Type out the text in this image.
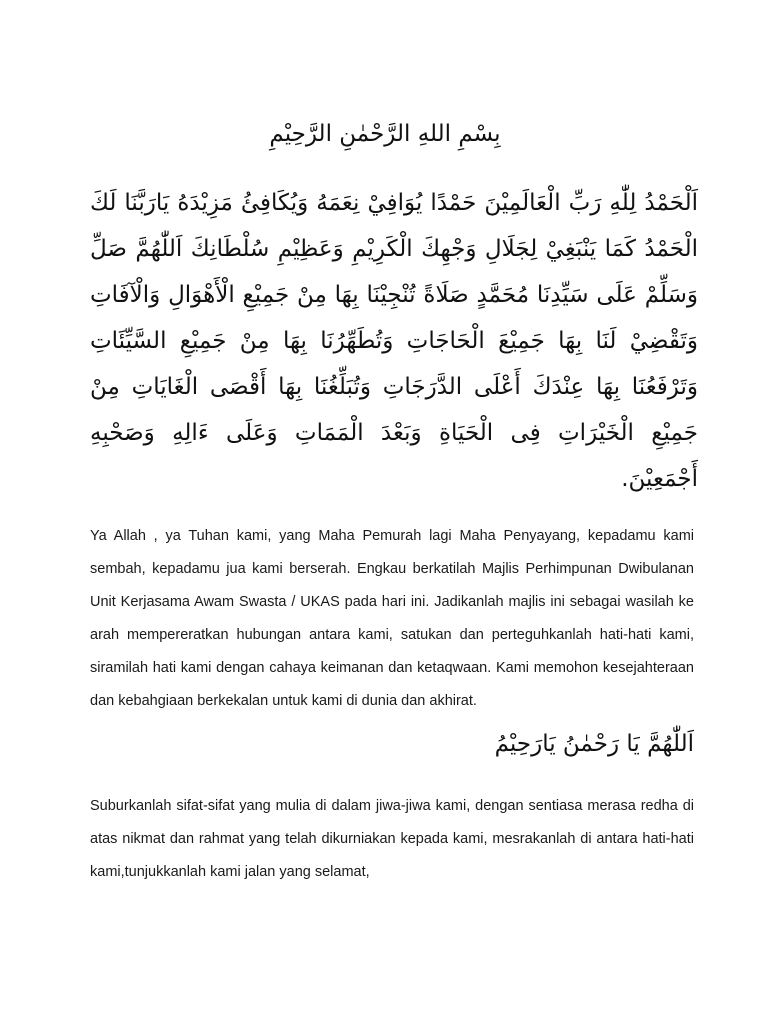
بِسْمِ اللهِ الرَّحْمٰنِ الرَّحِيْمِ
اَلْحَمْدُ لِلّٰهِ رَبِّ الْعَالَمِيْنَ حَمْدًا يُوَافِيْ نِعَمَهُ وَيُكَافِئُ مَزِيْدَهُ يَارَبَّنَا لَكَ الْحَمْدُ كَمَا يَنْبَغِيْ لِجَلَالِ وَجْهِكَ الْكَرِيْمِ وَعَظِيْمِ سُلْطَانِكَ اَللّٰهُمَّ صَلِّ وَسَلِّمْ عَلَى سَيِّدِنَا مُحَمَّدٍ صَلَاةً تُنْجِيْنَا بِهَا مِنْ جَمِيْعِ الْأَهْوَالِ وَالْآفَاتِ وَتَقْضِيْ لَنَا بِهَا جَمِيْعَ الْحَاجَاتِ وَتُطَهِّرُنَا بِهَا مِنْ جَمِيْعِ السَّيِّئَاتِ وَتَرْفَعُنَا بِهَا عِنْدَكَ أَعْلَى الدَّرَجَاتِ وَتُبَلِّغُنَا بِهَا أَقْصَى الْغَايَاتِ مِنْ جَمِيْعِ الْخَيْرَاتِ فِى الْحَيَاةِ وَبَعْدَ الْمَمَاتِ وَعَلَى ءَالِهِ وَصَحْبِهِ أَجْمَعِيْنَ.
Ya Allah , ya Tuhan kami, yang Maha Pemurah lagi Maha Penyayang, kepadamu kami sembah, kepadamu jua kami berserah. Engkau berkatilah Majlis Perhimpunan Dwibulanan Unit Kerjasama Awam Swasta / UKAS pada hari ini. Jadikanlah majlis ini sebagai wasilah ke arah mempereratkan hubungan antara kami, satukan dan perteguhkanlah hati-hati kami, siramilah hati kami dengan cahaya keimanan dan ketaqwaan. Kami memohon kesejahteraan dan kebahgiaan berkekalan untuk kami di dunia dan akhirat.
اَللّٰهُمَّ يَا رَحْمٰنُ يَارَحِيْمُ
Suburkanlah sifat-sifat yang mulia di dalam jiwa-jiwa kami, dengan sentiasa merasa redha di atas nikmat dan rahmat yang telah dikurniakan kepada kami, mesrakanlah di antara hati-hati kami,tunjukkanlah kami jalan yang selamat,
